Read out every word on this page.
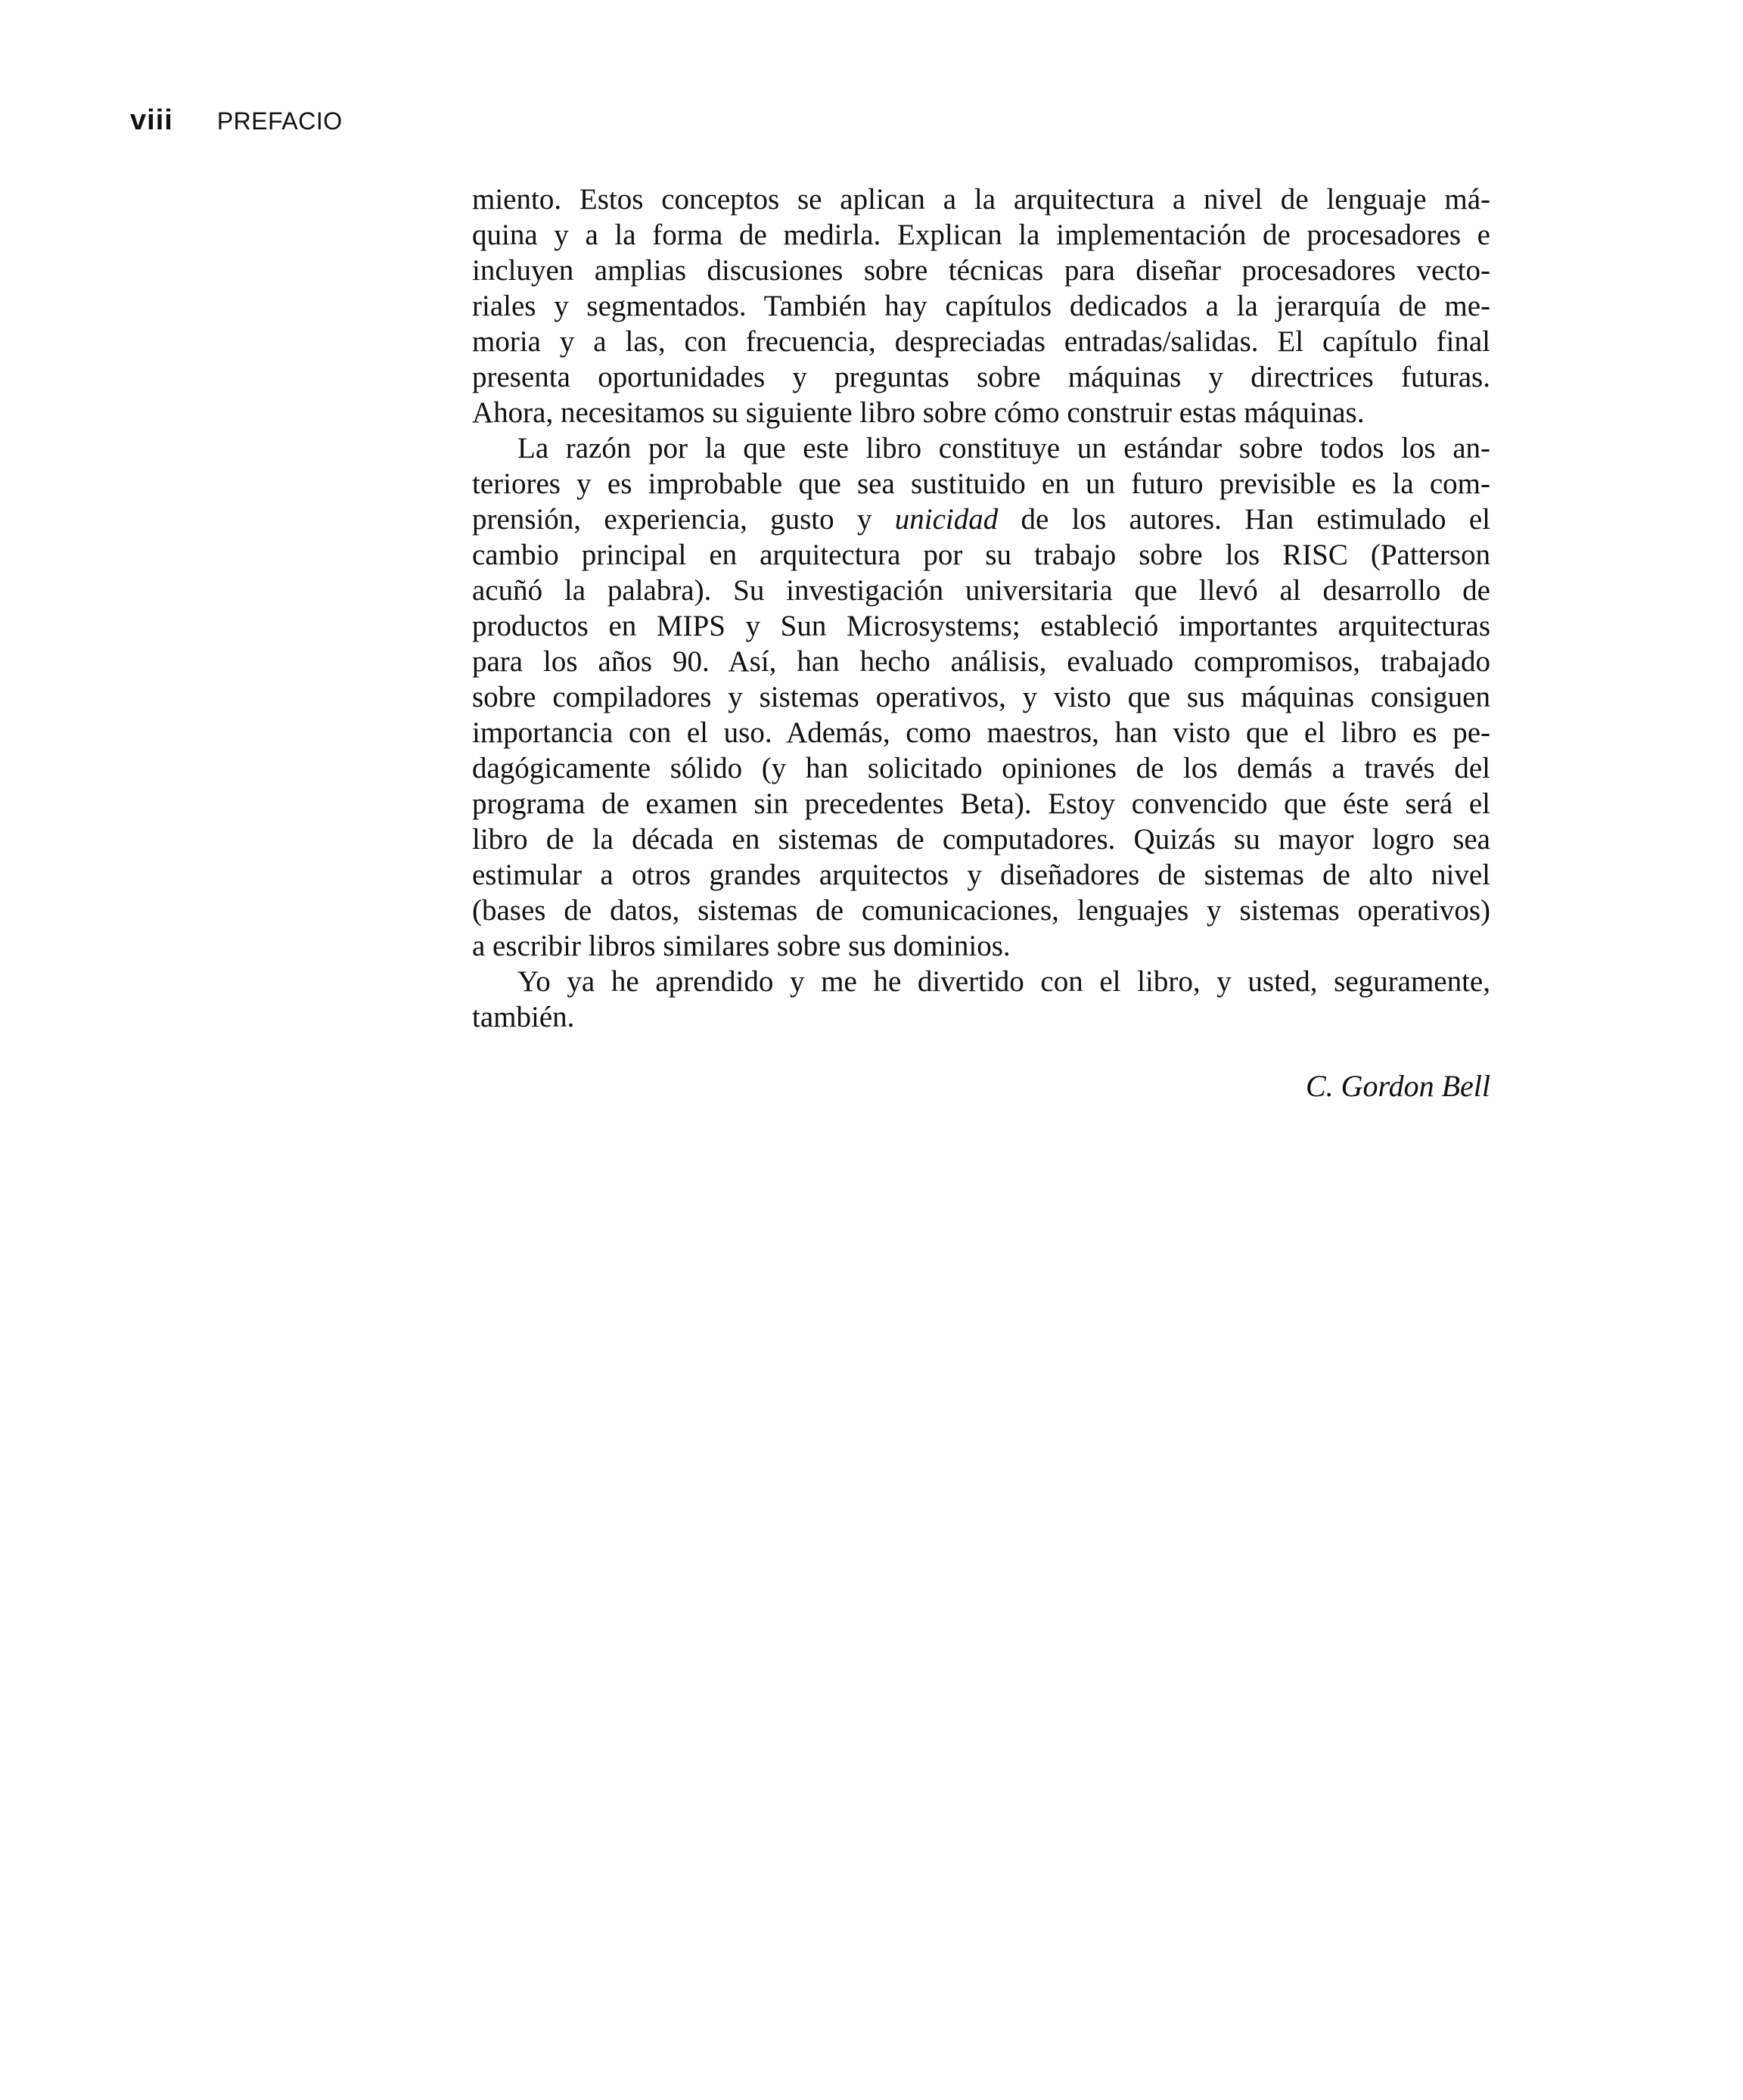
viii PREFACIO
miento. Estos conceptos se aplican a la arquitectura a nivel de lenguaje má-
quina y a la forma de medirla. Explican la implementación de procesadores e
incluyen amplias discusiones sobre técnicas para diseñar procesadores vecto-
riales y segmentados. También hay capítulos dedicados a la jerarquía de me-
moria y a las, con frecuencia, despreciadas entradas/salidas. El capítulo final
presenta oportunidades y preguntas sobre máquinas y directrices futuras.
Ahora, necesitamos su siguiente libro sobre cómo construir estas máquinas.
La razón por la que este libro constituye un estándar sobre todos los an-
teriores y es improbable que sea sustituido en un futuro previsible es la com-
prensión, experiencia, gusto y unicidad de los autores. Han estimulado el
cambio principal en arquitectura por su trabajo sobre los RISC (Patterson
acuñó la palabra). Su investigación universitaria que llevó al desarrollo de
productos en MIPS y Sun Microsystems; estableció importantes arquitecturas
para los años 90. Así, han hecho análisis, evaluado compromisos, trabajado
sobre compiladores y sistemas operativos, y visto que sus máquinas consiguen
importancia con el uso. Además, como maestros, han visto que el libro es pe-
dagógicamente sólido (y han solicitado opiniones de los demás a través del
programa de examen sin precedentes Beta). Estoy convencido que éste será el
libro de la década en sistemas de computadores. Quizás su mayor logro sea
estimular a otros grandes arquitectos y diseñadores de sistemas de alto nivel
(bases de datos, sistemas de comunicaciones, lenguajes y sistemas operativos)
a escribir libros similares sobre sus dominios.
Yo ya he aprendido y me he divertido con el libro, y usted, seguramente,
también.
C. Gordon Bell
